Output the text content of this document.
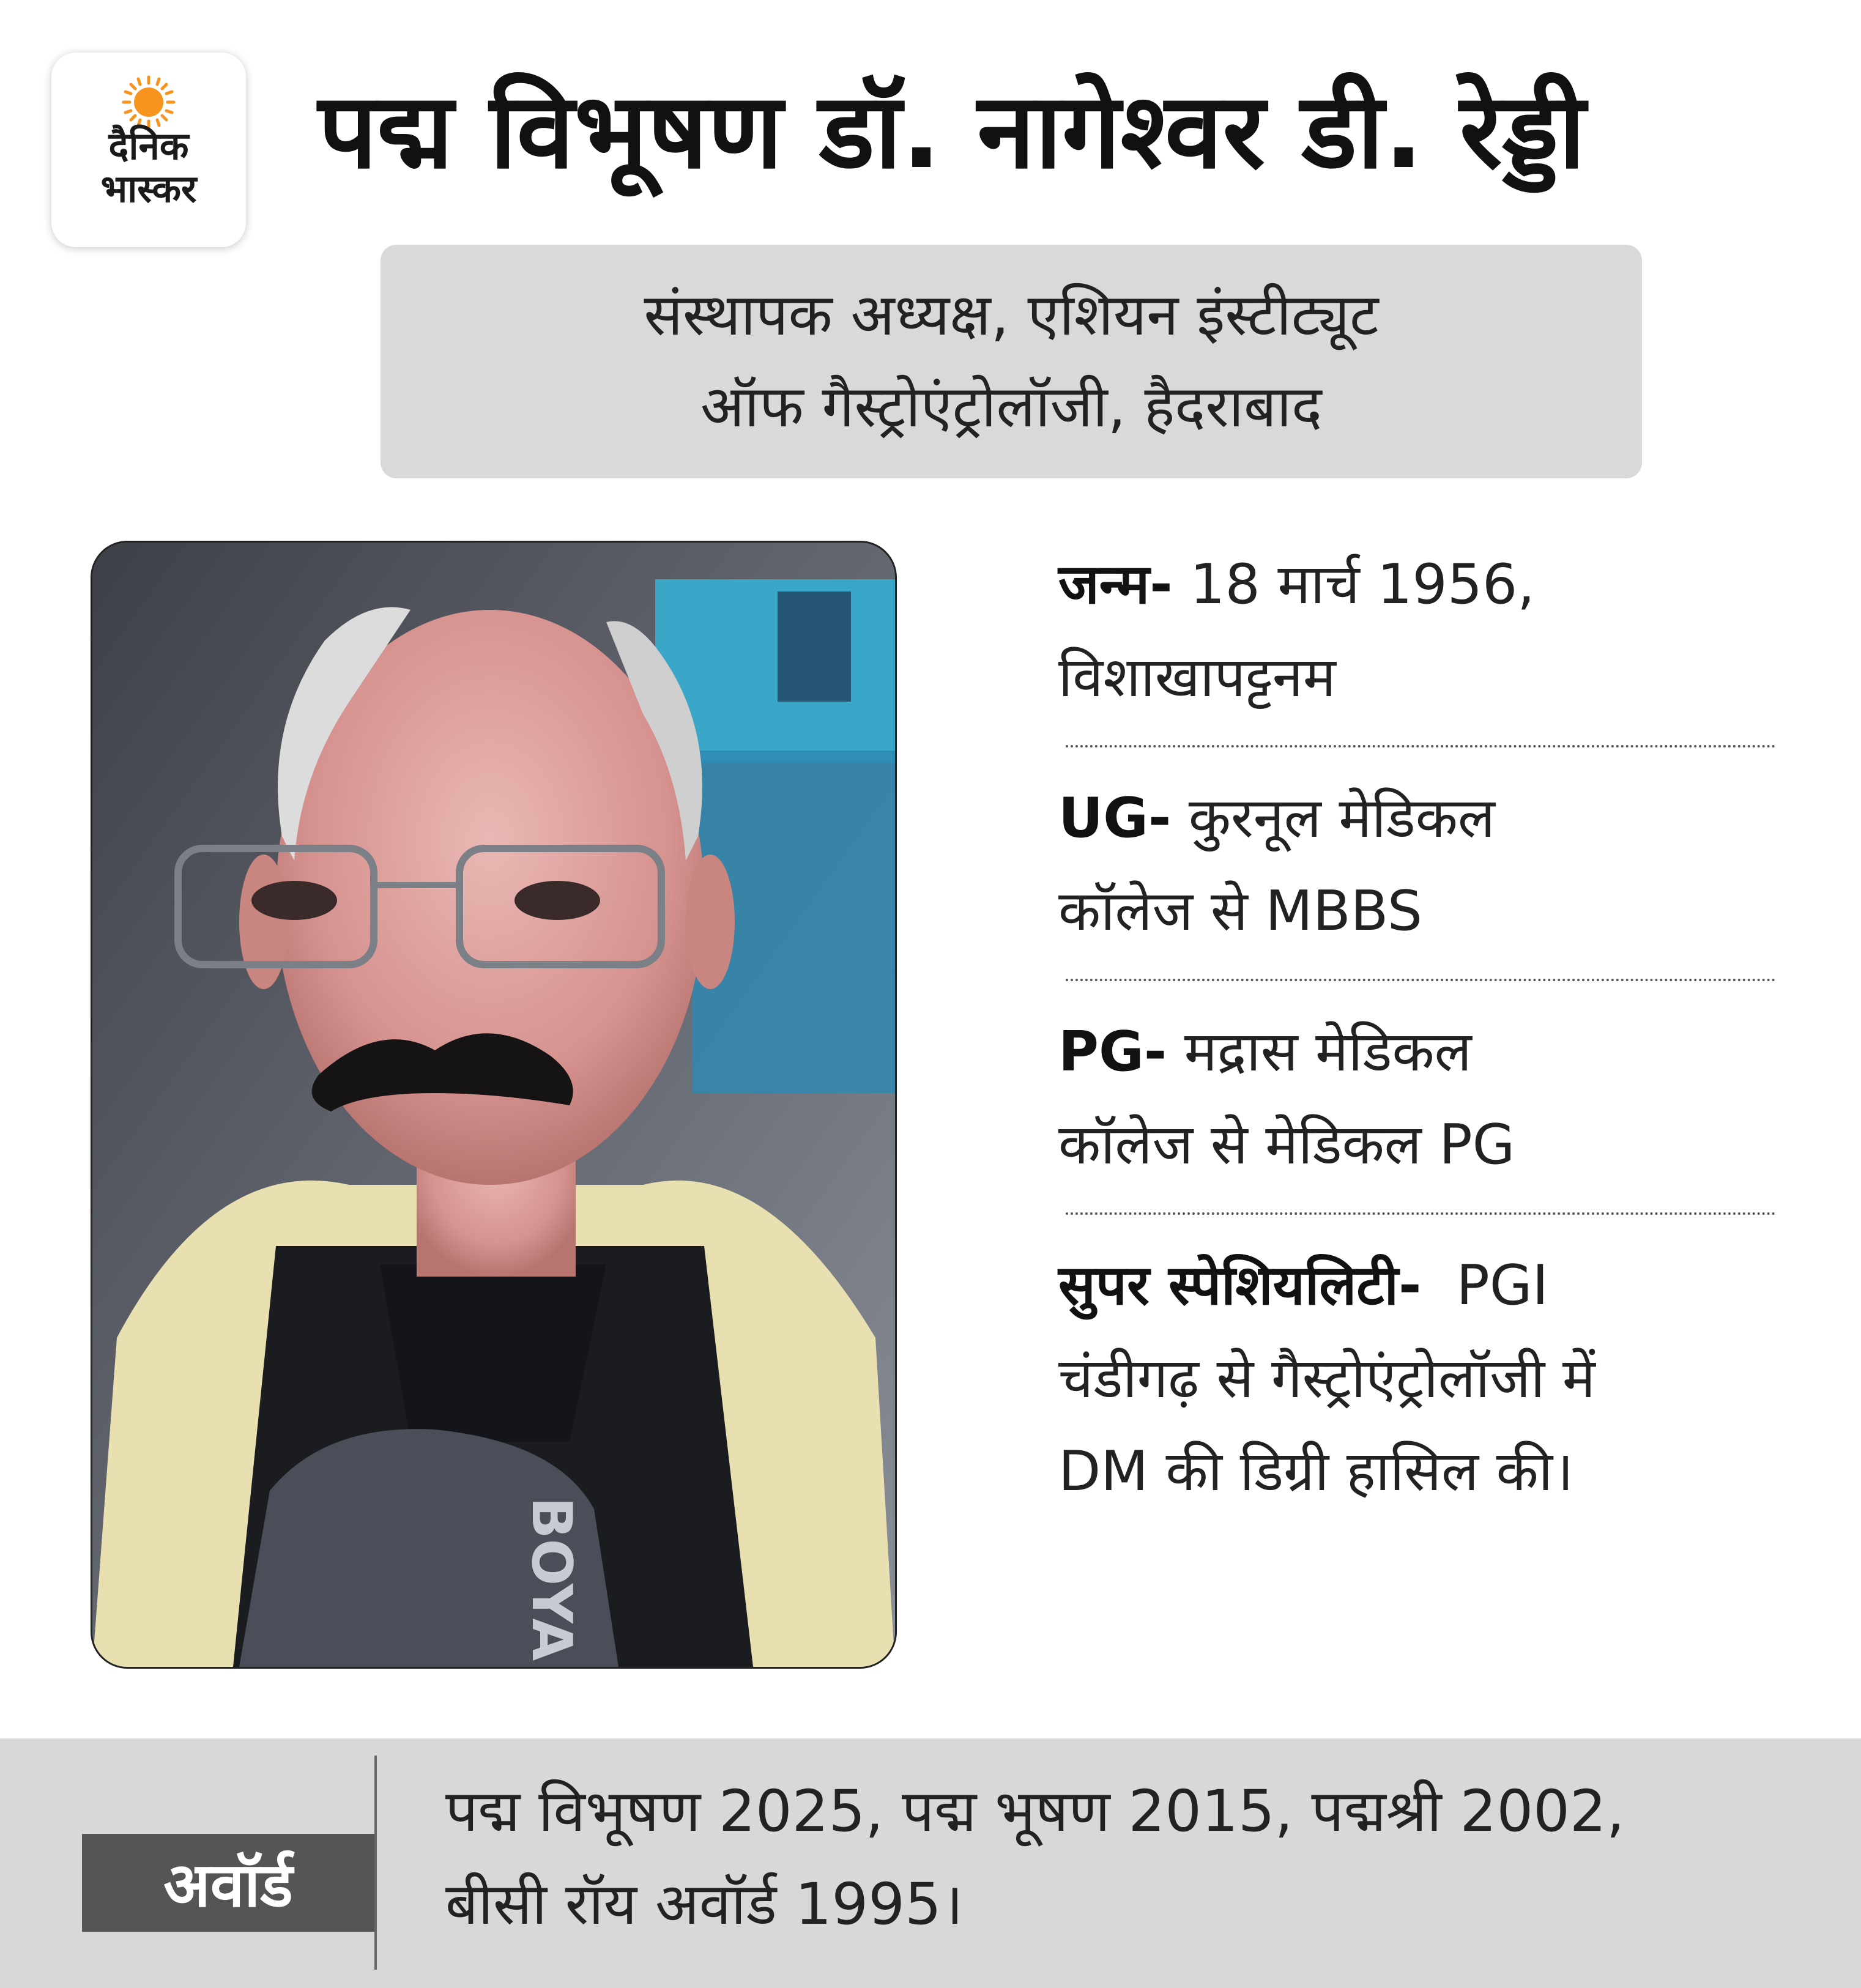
दैनिक
भास्कर	पद्म विभूषण डॉ. नागेश्वर डी. रेड्डी
संस्थापक अध्यक्ष, एशियन इंस्टीट्यूट
ऑफ गैस्ट्रोएंट्रोलॉजी, हैदराबाद
BOYA
जन्म- 18 मार्च 1956,
विशाखापट्टनम
UG- कुरनूल मेडिकल
कॉलेज से MBBS
PG- मद्रास मेडिकल
कॉलेज से मेडिकल PG
सुपर स्पेशियलिटी-  PGI
चंडीगढ़ से गैस्ट्रोएंट्रोलॉजी में
DM की डिग्री हासिल की।
अवॉर्ड
पद्म विभूषण 2025, पद्म भूषण 2015, पद्मश्री 2002,
बीसी रॉय अवॉर्ड 1995।
